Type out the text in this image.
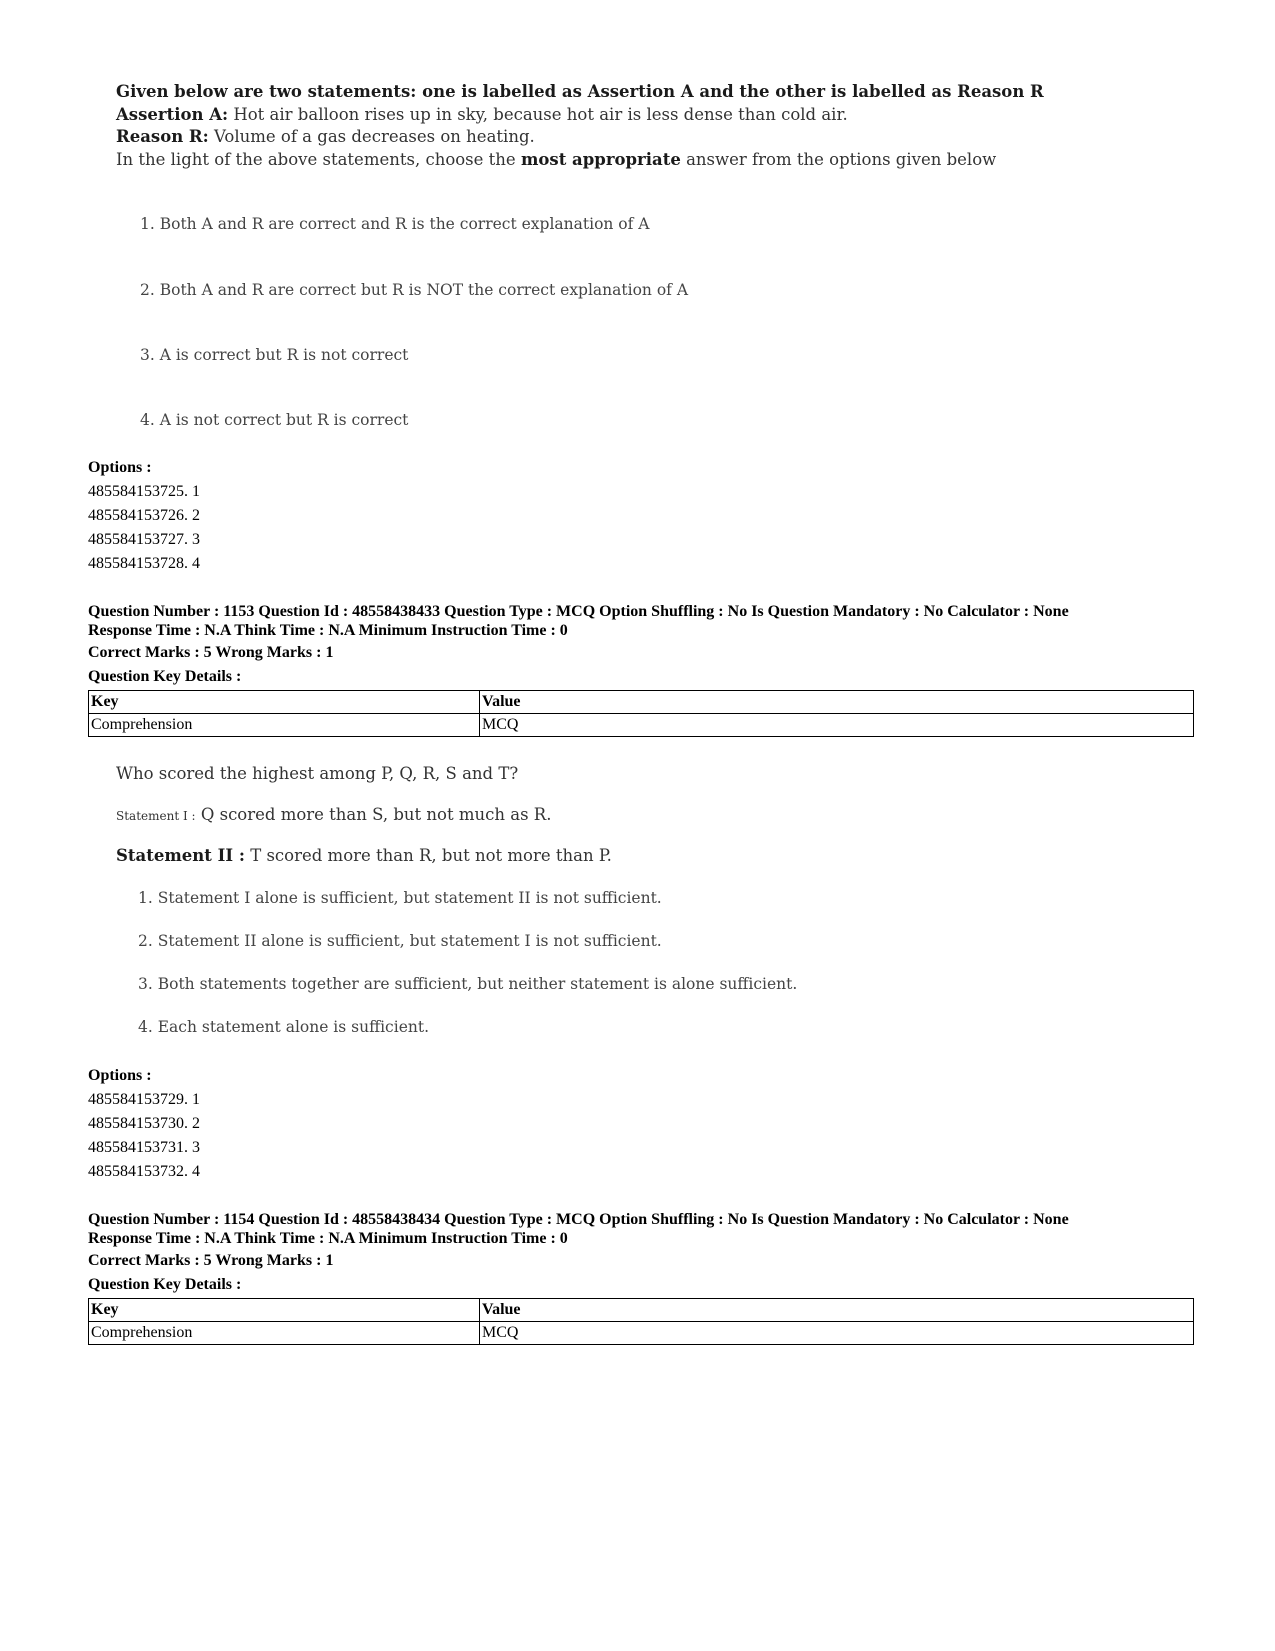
Given below are two statements: one is labelled as Assertion A and the other is labelled as Reason R
Assertion A: Hot air balloon rises up in sky, because hot air is less dense than cold air.
Reason R: Volume of a gas decreases on heating.
In the light of the above statements, choose the most appropriate answer from the options given below
1. Both A and R are correct and R is the correct explanation of A
2. Both A and R are correct but R is NOT the correct explanation of A
3. A is correct but R is not correct
4. A is not correct but R is correct
Options :
485584153725. 1
485584153726. 2
485584153727. 3
485584153728. 4
Question Number : 1153 Question Id : 48558438433 Question Type : MCQ Option Shuffling : No Is Question Mandatory : No Calculator : None
Response Time : N.A Think Time : N.A Minimum Instruction Time : 0
Correct Marks : 5 Wrong Marks : 1
Question Key Details :
Key	Value
Comprehension	MCQ
Who scored the highest among P, Q, R, S and T?
Statement I : Q scored more than S, but not much as R.
Statement II : T scored more than R, but not more than P.
1. Statement I alone is sufficient, but statement II is not sufficient.
2. Statement II alone is sufficient, but statement I is not sufficient.
3. Both statements together are sufficient, but neither statement is alone sufficient.
4. Each statement alone is sufficient.
Options :
485584153729. 1
485584153730. 2
485584153731. 3
485584153732. 4
Question Number : 1154 Question Id : 48558438434 Question Type : MCQ Option Shuffling : No Is Question Mandatory : No Calculator : None
Response Time : N.A Think Time : N.A Minimum Instruction Time : 0
Correct Marks : 5 Wrong Marks : 1
Question Key Details :
Key	Value
Comprehension	MCQ
